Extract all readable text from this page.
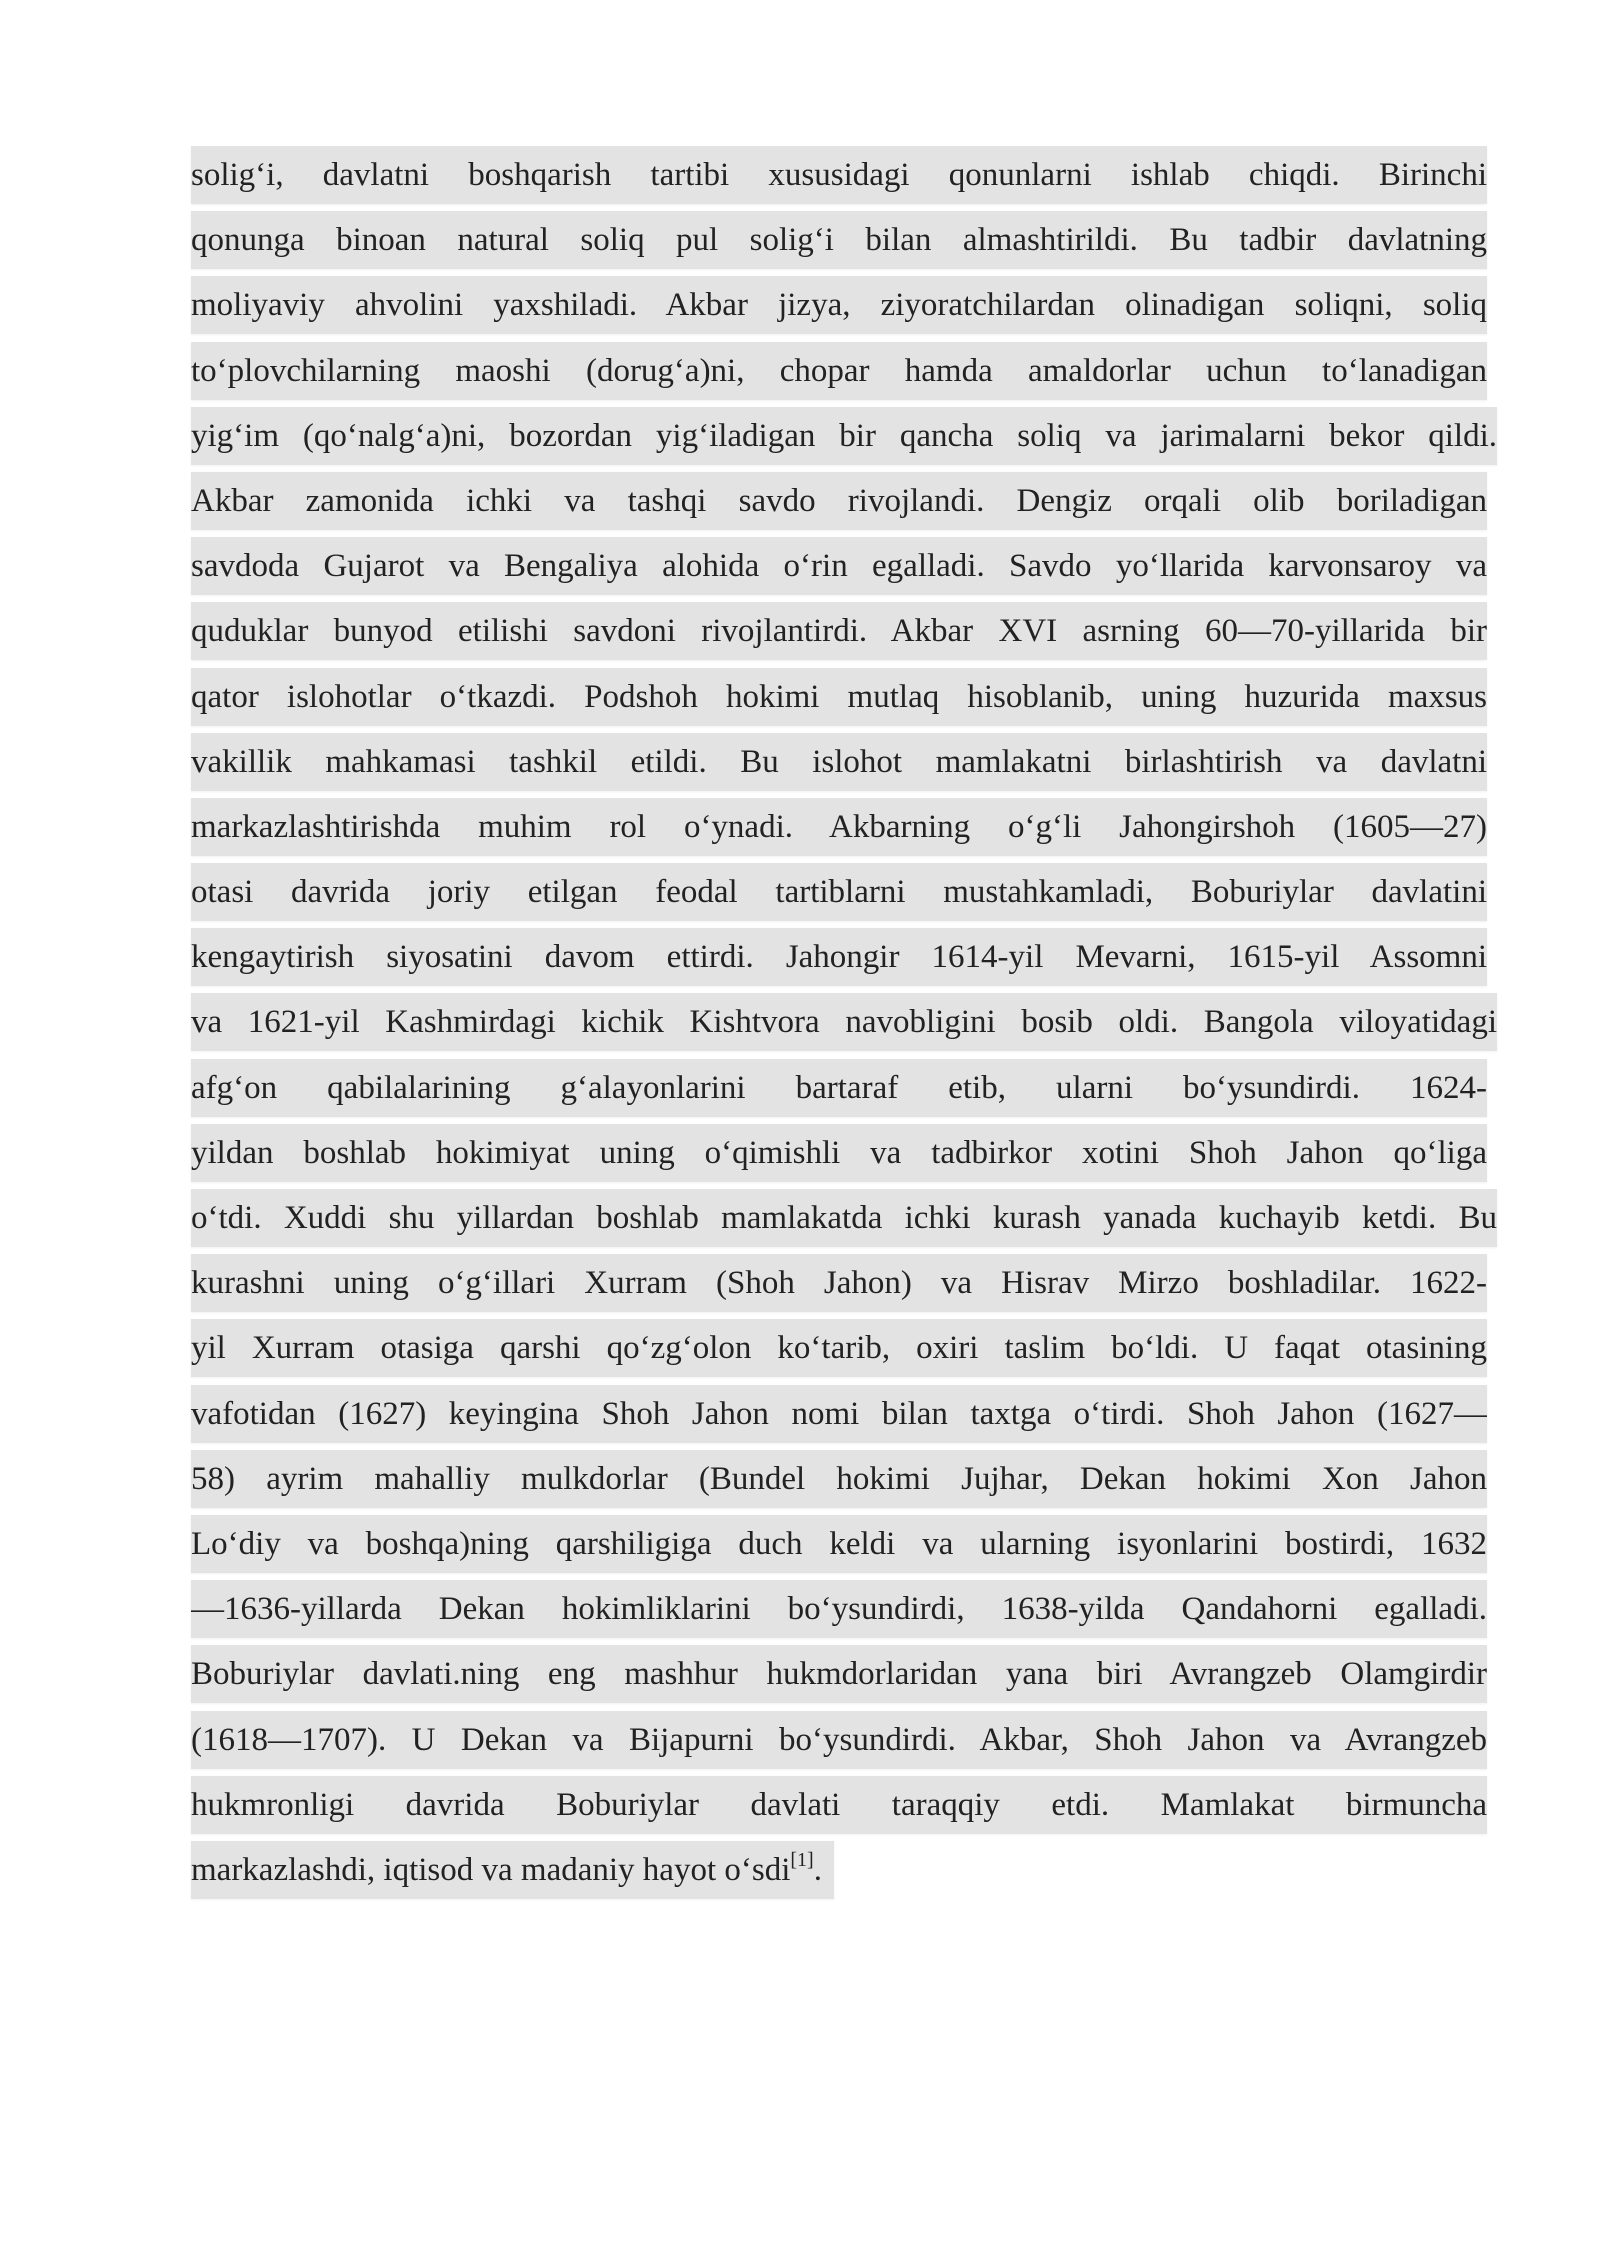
solig‘i, davlatni boshqarish tartibi xususidagi qonunlarni ishlab chiqdi. Birinchi
qonunga binoan natural soliq pul solig‘i bilan almashtirildi. Bu tadbir davlatning
moliyaviy ahvolini yaxshiladi. Akbar jizya, ziyoratchilardan olinadigan soliqni, soliq
to‘plovchilarning maoshi (dorug‘a)ni, chopar hamda amaldorlar uchun to‘lanadigan
yig‘im (qo‘nalg‘a)ni, bozordan yig‘iladigan bir qancha soliq va jarimalarni bekor qildi.
Akbar zamonida ichki va tashqi savdo rivojlandi. Dengiz orqali olib boriladigan
savdoda Gujarot va Bengaliya alohida o‘rin egalladi. Savdo yo‘llarida karvonsaroy va
quduklar bunyod etilishi savdoni rivojlantirdi. Akbar XVI asrning 60—70-yillarida bir
qator islohotlar o‘tkazdi. Podshoh hokimi mutlaq hisoblanib, uning huzurida maxsus
vakillik mahkamasi tashkil etildi. Bu islohot mamlakatni birlashtirish va davlatni
markazlashtirishda muhim rol o‘ynadi. Akbarning o‘g‘li Jahongirshoh (1605—27)
otasi davrida joriy etilgan feodal tartiblarni mustahkamladi, Boburiylar davlatini
kengaytirish siyosatini davom ettirdi. Jahongir 1614-yil Mevarni, 1615-yil Assomni
va 1621-yil Kashmirdagi kichik Kishtvora navobligini bosib oldi. Bangola viloyatidagi
afg‘on qabilalarining g‘alayonlarini bartaraf etib, ularni bo‘ysundirdi. 1624-
yildan boshlab hokimiyat uning o‘qimishli va tadbirkor xotini Shoh Jahon qo‘liga
o‘tdi. Xuddi shu yillardan boshlab mamlakatda ichki kurash yanada kuchayib ketdi. Bu
kurashni uning o‘g‘illari Xurram (Shoh Jahon) va Hisrav Mirzo boshladilar. 1622-
yil Xurram otasiga qarshi qo‘zg‘olon ko‘tarib, oxiri taslim bo‘ldi. U faqat otasining
vafotidan (1627) keyingina Shoh Jahon nomi bilan taxtga o‘tirdi. Shoh Jahon (1627—
58) ayrim mahalliy mulkdorlar (Bundel hokimi Jujhar, Dekan hokimi Xon Jahon
Lo‘diy va boshqa)ning qarshiligiga duch keldi va ularning isyonlarini bostirdi, 1632
—1636-yillarda Dekan hokimliklarini bo‘ysundirdi, 1638-yilda Qandahorni egalladi.
Boburiylar davlati.ning eng mashhur hukmdorlaridan yana biri Avrangzeb Olamgirdir
(1618—1707). U Dekan va Bijapurni bo‘ysundirdi. Akbar, Shoh Jahon va Avrangzeb
hukmronligi davrida Boburiylar davlati taraqqiy etdi. Mamlakat birmuncha
markazlashdi, iqtisod va madaniy hayot o‘sdi[1].
